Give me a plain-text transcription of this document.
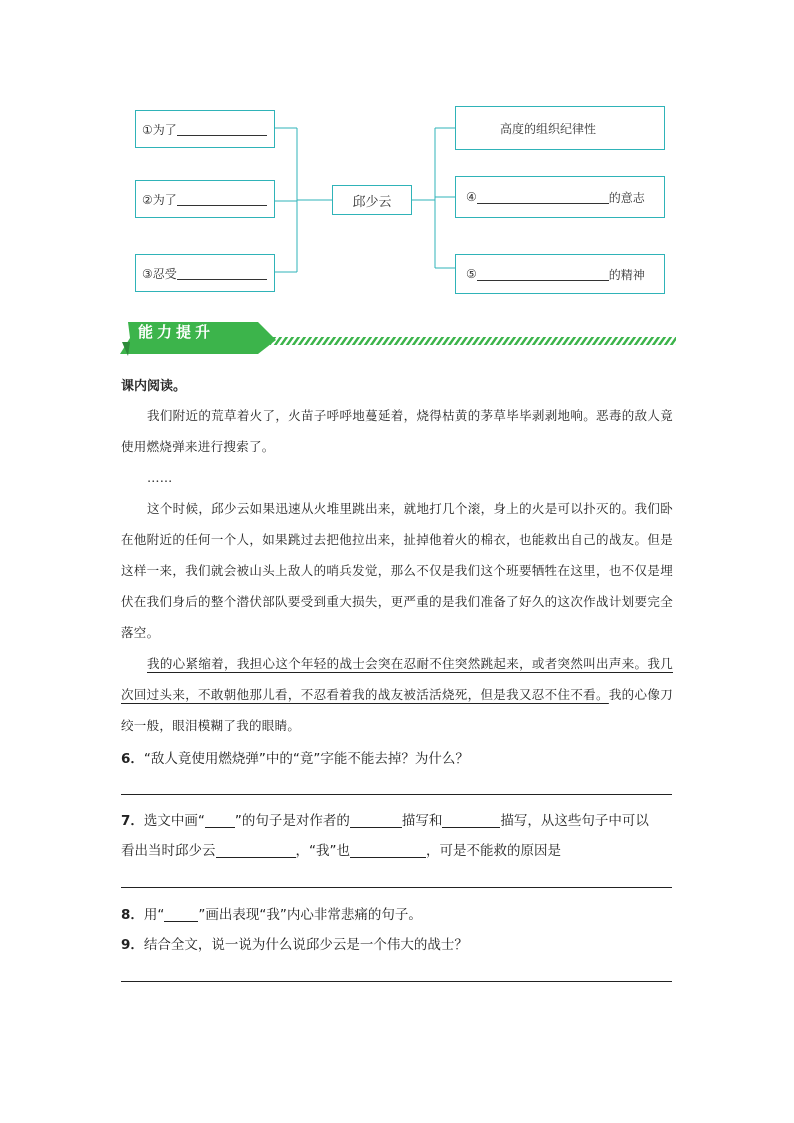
①为了
②为了
③忍受
邱少云
高度的组织纪律性
④	的意志
⑤	的精神
能力提升
课内阅读。
我们附近的荒草着火了，火苗子呼呼地蔓延着，烧得枯黄的茅草毕毕剥剥地响。恶毒的敌人竟使用燃烧弹来进行搜索了。
……
这个时候，邱少云如果迅速从火堆里跳出来，就地打几个滚，身上的火是可以扑灭的。我们卧在他附近的任何一个人，如果跳过去把他拉出来，扯掉他着火的棉衣，也能救出自己的战友。但是这样一来，我们就会被山头上敌人的哨兵发觉，那么不仅是我们这个班要牺牲在这里，也不仅是埋伏在我们身后的整个潜伏部队要受到重大损失，更严重的是我们准备了好久的这次作战计划要完全落空。
我的心紧缩着，我担心这个年轻的战士会突在忍耐不住突然跳起来，或者突然叫出声来。我几次回过头来，不敢朝他那儿看，不忍看着我的战友被活活烧死，但是我又忍不住不看。我的心像刀绞一般，眼泪模糊了我的眼睛。
6．“敌人竟使用燃烧弹”中的“竟”字能不能去掉？为什么？
7．选文中画“ ”的句子是对作者的	描写和	描写，从这些句子中可以
看出当时邱少云	，“我”也	，可是不能救的原因是
8．用“	”画出表现“我”内心非常悲痛的句子。
9．结合全文，说一说为什么说邱少云是一个伟大的战士？
